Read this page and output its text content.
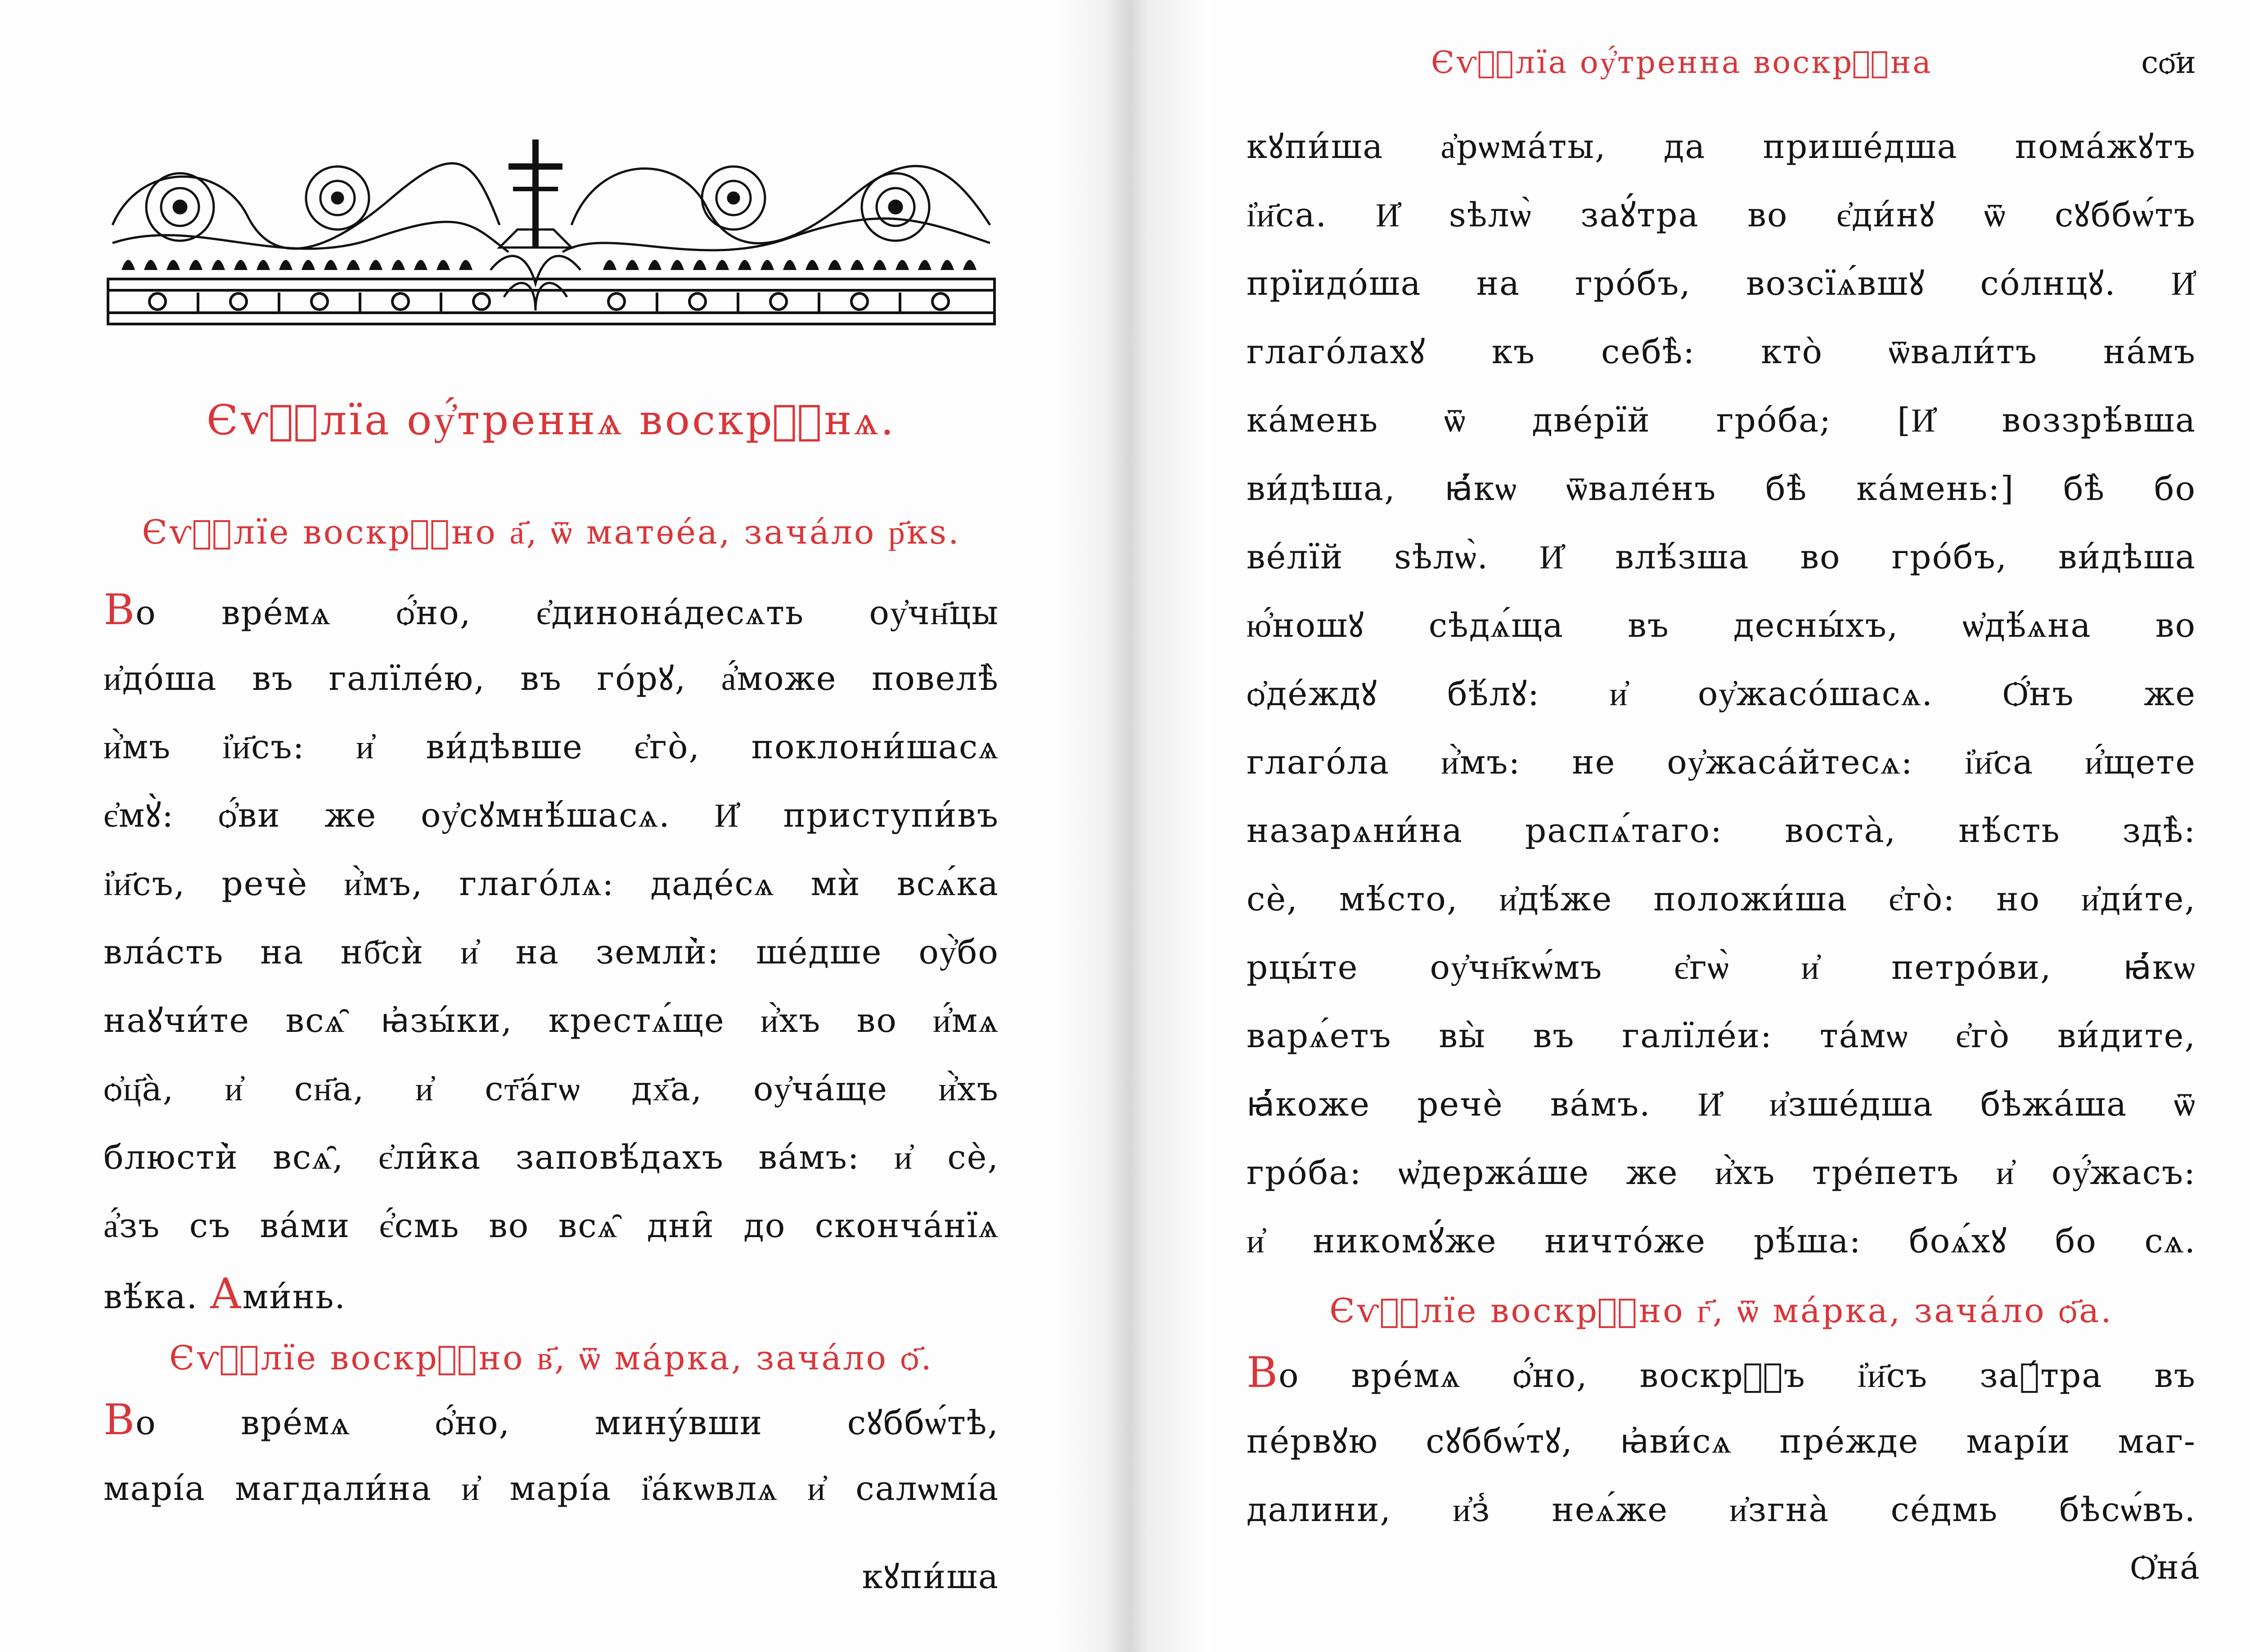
Єѵⷢ҇лїа оу҆́треннѧ воскрⷭ҇нѧ.
Єѵⷢ҇лїе воскрⷭ҇но а҃, ѿ матѳе́а, зача́ло р҃кѕ.
Во вре́мѧ ѻ҆́но, є҆динона́десѧть оу҆чн҃цы
и҆до́ша въ галїле́ю, въ го́рꙋ, а҆́може повелѣ̀
и҆̀мъ і҆и҃съ: и҆ ви́дѣвше є҆го̀, поклони́шасѧ
є҆мꙋ̀: ѻ҆́ви же оу҆сꙋмнѣ́шасѧ. И҆ приступи́въ
і҆и҃съ, речѐ и҆̀мъ, глаго́лѧ: даде́сѧ мѝ всѧ́ка
вла́сть на нб҃сѝ и҆ на земли̇̀: ше́дше оу҆̀бо
наꙋчи́те всѧ̑ ꙗ҆зы́ки, крестѧ́ще и҆̀хъ во и҆́мѧ
ѻ҆ц҃а̀, и҆ сн҃а, и҆ ст҃а́гѡ дх҃а, оу҆ча́ще и҆̀хъ
блюсти̇̀ всѧ̑, є҆ли̑ка заповѣ́дахъ ва́мъ: и҆ сѐ,
а҆́зъ съ ва́ми є҆́смь во всѧ̑ дни̑ до сконча́нїѧ
вѣ́ка. Ами́нь.
Єѵⷢ҇лїе воскрⷭ҇но в҃, ѿ ма́рка, зача́ло ѻ҃.
Во вре́мѧ ѻ҆́но, мину́вши сꙋббѡ́тѣ,
марі́а магдали́на и҆ марі́а і҆а́кѡвлѧ и҆ салѡмі́а
кꙋпи́ша
Єѵⷢ҇лїа оу҆́тренна воскрⷭ҇на	сѻ҃и
кꙋпи́ша а҆рѡма́ты, да прише́дша пома́жꙋтъ
і҆и҃са. И҆ ѕѣлѡ̀ заꙋ́тра во є҆ди́нꙋ ѿ сꙋббѡ́тъ
прїидо́ша на гро́бъ, возсїѧ́вшꙋ со́лнцꙋ. И҆
глаго́лахꙋ къ себѣ̀: кто̀ ѿвали́тъ на́мъ
ка́мень ѿ две́рїй гро́ба; [И҆ воззрѣ́вша
ви́дѣша, ꙗ҆́кѡ ѿвале́нъ бѣ̀ ка́мень:] бѣ̀ бо
ве́лїй ѕѣлѡ̀. И҆ влѣ́зша во гро́бъ, ви́дѣша
ю҆́ношꙋ сѣдѧ́ща въ десны́хъ, ѡ҆дѣ́ѧна во
ѻ҆де́ждꙋ бѣ́лꙋ: и҆ оу҆жасо́шасѧ. Ѻ҆́нъ же
глаго́ла и҆̀мъ: не оу҆жаса́йтесѧ: і҆и҃са и҆́щете
назарѧни́на распѧ́таго: воста̀, нѣ́сть здѣ̀:
сѐ, мѣ́сто, и҆дѣ́же положи́ша є҆го̀: но и҆ди́те,
рцы́те оу҆чн҃кѡ́мъ є҆гѡ̀ и҆ петро́ви, ꙗ҆́кѡ
варѧ́етъ вы̀ въ галїле́и: та́мѡ є҆го̀ ви́дите,
ꙗ҆́коже речѐ ва́мъ. И҆ и҆зше́дша бѣжа́ша ѿ
гро́ба: ѡ҆держа́ше же и҆̀хъ тре́петъ и҆ оу҆́жасъ:
и҆ никомꙋ́же ничто́же рѣ́ша: боѧ́хꙋ бо сѧ.
Єѵⷢ҇лїе воскрⷭ҇но г҃, ѿ ма́рка, зача́ло ѻ҃а.
Во вре́мѧ ѻ҆́но, воскрⷭ҇ъ і҆и҃съ заꙋ́тра въ
пе́рвꙋю сꙋббѡ́тꙋ, ꙗ҆ви́сѧ пре́жде марі́и маг-
далини, и҆з̾ неѧ́же и҆згна̀ се́дмь бѣсѡ́въ.
Ѻ҆на́
